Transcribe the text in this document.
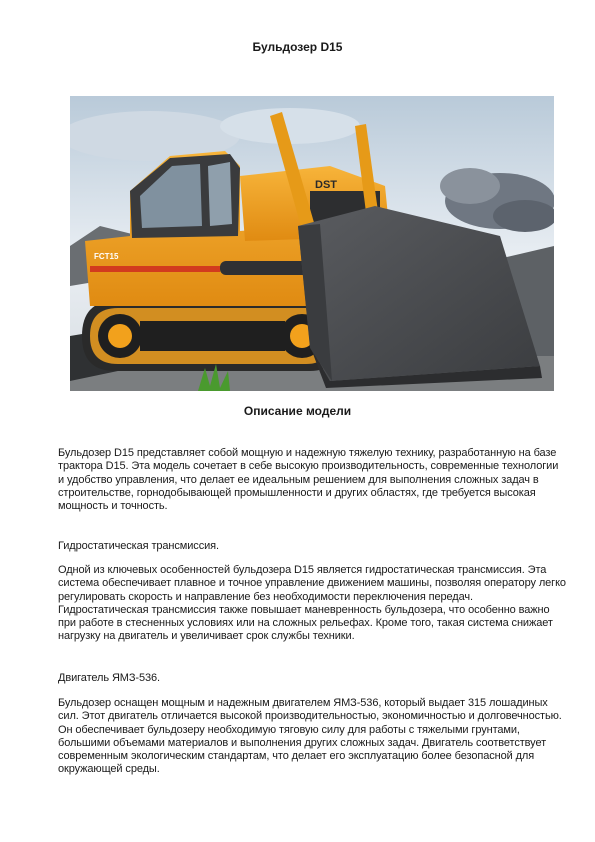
Бульдозер D15
DST
FCT15
Описание модели
Бульдозер D15 представляет собой мощную и надежную тяжелую технику, разработанную на базе трактора D15. Эта модель сочетает в себе высокую производительность, современные технологии и удобство управления, что делает ее идеальным решением для выполнения сложных задач в строительстве, горнодобывающей промышленности и других областях, где требуется высокая мощность и точность.
Гидростатическая трансмиссия.
Одной из ключевых особенностей бульдозера D15 является гидростатическая трансмиссия. Эта система обеспечивает плавное и точное управление движением машины, позволяя оператору легко регулировать скорость и направление без необходимости переключения передач. Гидростатическая трансмиссия также повышает маневренность бульдозера, что особенно важно при работе в стесненных условиях или на сложных рельефах. Кроме того, такая система снижает нагрузку на двигатель и увеличивает срок службы техники.
Двигатель ЯМЗ-536.
Бульдозер оснащен мощным и надежным двигателем ЯМЗ-536, который выдает 315 лошадиных сил. Этот двигатель отличается высокой производительностью, экономичностью и долговечностью. Он обеспечивает бульдозеру необходимую тяговую силу для работы с тяжелыми грунтами, большими объемами материалов и выполнения других сложных задач. Двигатель соответствует современным экологическим стандартам, что делает его эксплуатацию более безопасной для окружающей среды.
